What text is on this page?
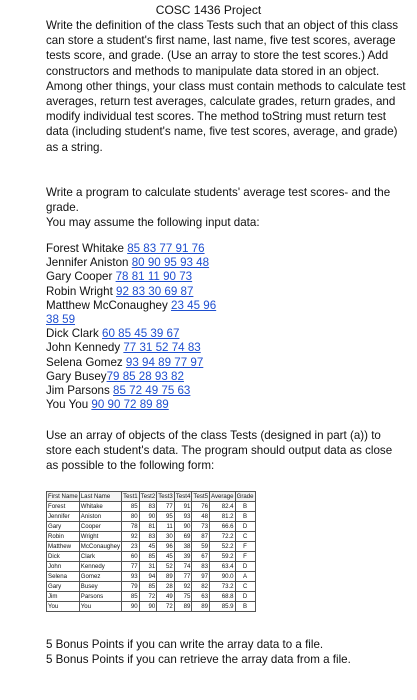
COSC 1436 Project
Write the definition of the class Tests such that an object of this class can store a student's first name, last name, five test scores, average tests score, and grade. (Use an array to store the test scores.) Add constructors and methods to manipulate data stored in an object. Among other things, your class must contain methods to calculate test averages, return test averages, calculate grades, return grades, and modify individual test scores. The method toString must return test data (including student's name, five test scores, average, and grade) as a string.
Write a program to calculate students' average test scores- and the grade.
You may assume the following input data:
Forest Whitake 85 83 77 91 76
Jennifer Aniston 80 90 95 93 48
Gary Cooper 78 81 11 90 73
Robin Wright 92 83 30 69 87
Matthew McConaughey 23 45 96
38 59
Dick Clark 60 85 45 39 67
John Kennedy 77 31 52 74 83
Selena Gomez 93 94 89 77 97
Gary Busey79 85 28 93 82
Jim Parsons 85 72 49 75 63
You You 90 90 72 89 89
Use an array of objects of the class Tests (designed in part (a)) to store each student's data. The program should output data as close as possible to the following form:
First Name	Last Name	Test1	Test2	Test3	Test4	Test5	Average	Grade
Forest	Whitake	85	83	77	91	76	82.4	B
Jennifer	Aniston	80	90	95	93	48	81.2	B
Gary	Cooper	78	81	11	90	73	66.6	D
Robin	Wright	92	83	30	69	87	72.2	C
Matthew	McConaughey	23	45	96	38	59	52.2	F
Dick	Clark	60	85	45	39	67	59.2	F
John	Kennedy	77	31	52	74	83	63.4	D
Selena	Gomez	93	94	89	77	97	90.0	A
Gary	Busey	79	85	28	92	82	73.2	C
Jim	Parsons	85	72	49	75	63	68.8	D
You	You	90	90	72	89	89	85.9	B
5 Bonus Points if you can write the array data to a file.
5 Bonus Points if you can retrieve the array data from a file.
